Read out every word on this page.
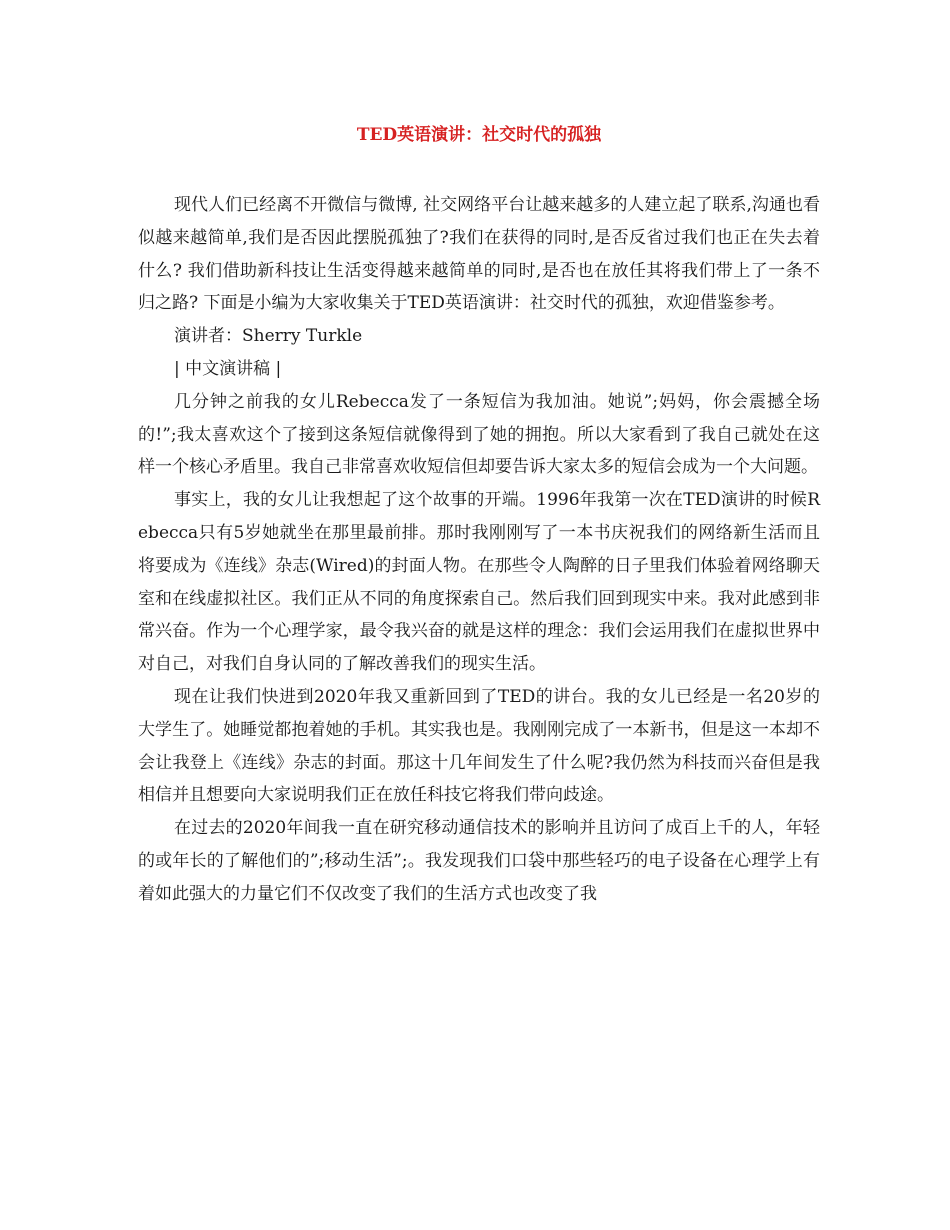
TED英语演讲：社交时代的孤独

现代人们已经离不开微信与微博, 社交网络平台让越来越多的人建立起了联系,沟通也看似越来越简单,我们是否因此摆脱孤独了?我们在获得的同时,是否反省过我们也正在失去着什么? 我们借助新科技让生活变得越来越简单的同时,是否也在放任其将我们带上了一条不归之路? 下面是小编为大家收集关于TED英语演讲：社交时代的孤独，欢迎借鉴参考。

演讲者：Sherry Turkle

| 中文演讲稿 |

几分钟之前我的女儿Rebecca发了一条短信为我加油。她说”;妈妈，你会震撼全场的!”;我太喜欢这个了接到这条短信就像得到了她的拥抱。所以大家看到了我自己就处在这样一个核心矛盾里。我自己非常喜欢收短信但却要告诉大家太多的短信会成为一个大问题。

事实上，我的女儿让我想起了这个故事的开端。1996年我第一次在TED演讲的时候Rebecca只有5岁她就坐在那里最前排。那时我刚刚写了一本书庆祝我们的网络新生活而且将要成为《连线》杂志(Wired)的封面人物。在那些令人陶醉的日子里我们体验着网络聊天室和在线虚拟社区。我们正从不同的角度探索自己。然后我们回到现实中来。我对此感到非常兴奋。作为一个心理学家，最令我兴奋的就是这样的理念：我们会运用我们在虚拟世界中对自己，对我们自身认同的了解改善我们的现实生活。

现在让我们快进到2020年我又重新回到了TED的讲台。我的女儿已经是一名20岁的大学生了。她睡觉都抱着她的手机。其实我也是。我刚刚完成了一本新书，但是这一本却不会让我登上《连线》杂志的封面。那这十几年间发生了什么呢?我仍然为科技而兴奋但是我相信并且想要向大家说明我们正在放任科技它将我们带向歧途。

在过去的2020年间我一直在研究移动通信技术的影响并且访问了成百上千的人，年轻的或年长的了解他们的”;移动生活”;。我发现我们口袋中那些轻巧的电子设备在心理学上有着如此强大的力量它们不仅改变了我们的生活方式也改变了我
